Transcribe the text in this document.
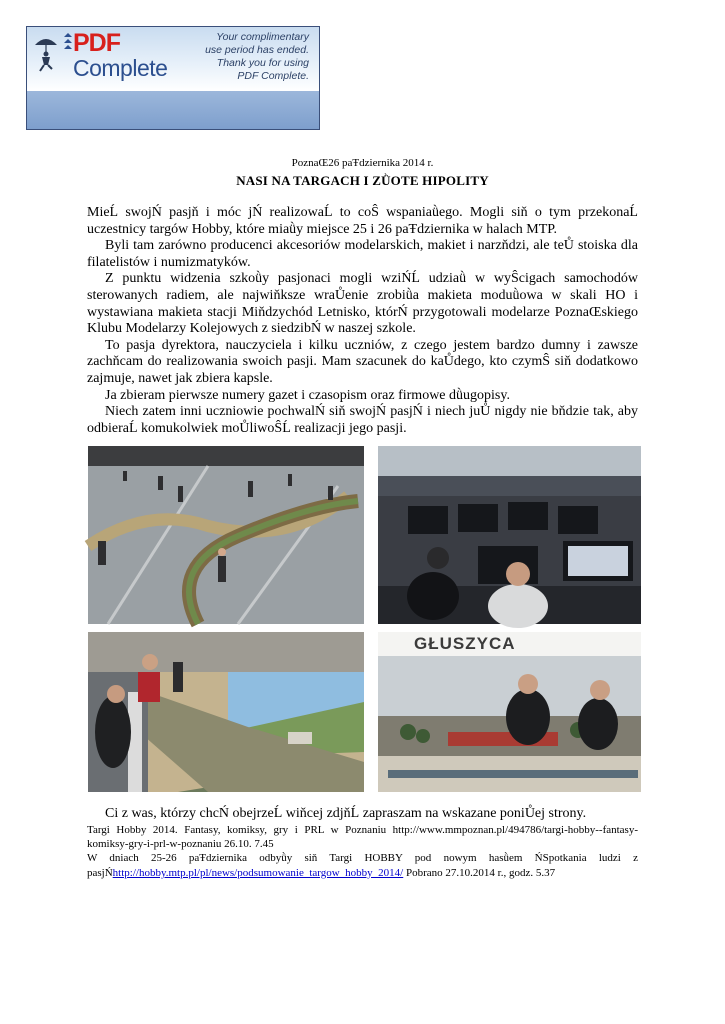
PDF
Complete
Your complimentary
use period has ended.
Thank you for using
PDF Complete.
Click Here to upgrade to
Unlimited Pages and Expanded Features
PoznaŒ26 paŦdziernika 2014 r.
NASI NA TARGACH I ZǛOTE HIPOLITY

MieĹ swojŃ pasjň i móc jŃ realizowaĹ to coŜ wspaniaǜego. Mogli siň o tym przekonaĹ uczestnicy targów Hobby, które miaǜy miejsce 25 i 26 paŦdziernika w halach MTP.

Byli tam zarówno producenci akcesoriów modelarskich, makiet i narzňdzi, ale teŮ stoiska dla filatelistów i numizmatyków.

Z punktu widzenia szkoǜy pasjonaci mogli wziŃĹ udziaǜ w wyŜcigach samochodów sterowanych radiem, ale najwiňksze wraŮenie zrobiǜa makieta moduǜowa w skali HO i wystawiana makieta stacji Miňdzychód Letnisko, którŃ przygotowali modelarze PoznaŒskiego Klubu Modelarzy Kolejowych z siedzibŃ w naszej szkole.

To pasja dyrektora, nauczyciela i kilku uczniów, z czego jestem bardzo dumny i zawsze zachňcam do realizowania swoich pasji. Mam szacunek do kaŮdego, kto czymŜ siň dodatkowo zajmuje, nawet jak zbiera kapsle.

Ja zbieram pierwsze numery gazet i czasopism oraz firmowe dǜugopisy.

Niech zatem inni uczniowie pochwalŃ siň swojŃ pasjŃ i niech juŮ nigdy nie bňdzie tak, aby odbieraĹ komukolwiek moŮliwoŜĹ realizacji jego pasji.

GŁUSZYCA
Ci z was, którzy chcŃ obejrzeĹ wiňcej zdjňĹ zapraszam na wskazane poniŮej strony.

Targi Hobby 2014. Fantasy, komiksy, gry i PRL w Poznaniu http://www.mmpoznan.pl/494786/targi-hobby--fantasy-komiksy-gry-i-prl-w-poznaniu 26.10. 7.45

W dniach 25-26 paŦdziernika odbyǜy siň Targi HOBBY pod nowym hasǜem ŃSpotkania ludzi z pasjŃhttp://hobby.mtp.pl/pl/news/podsumowanie_targow_hobby_2014/ Pobrano 27.10.2014 r., godz. 5.37
